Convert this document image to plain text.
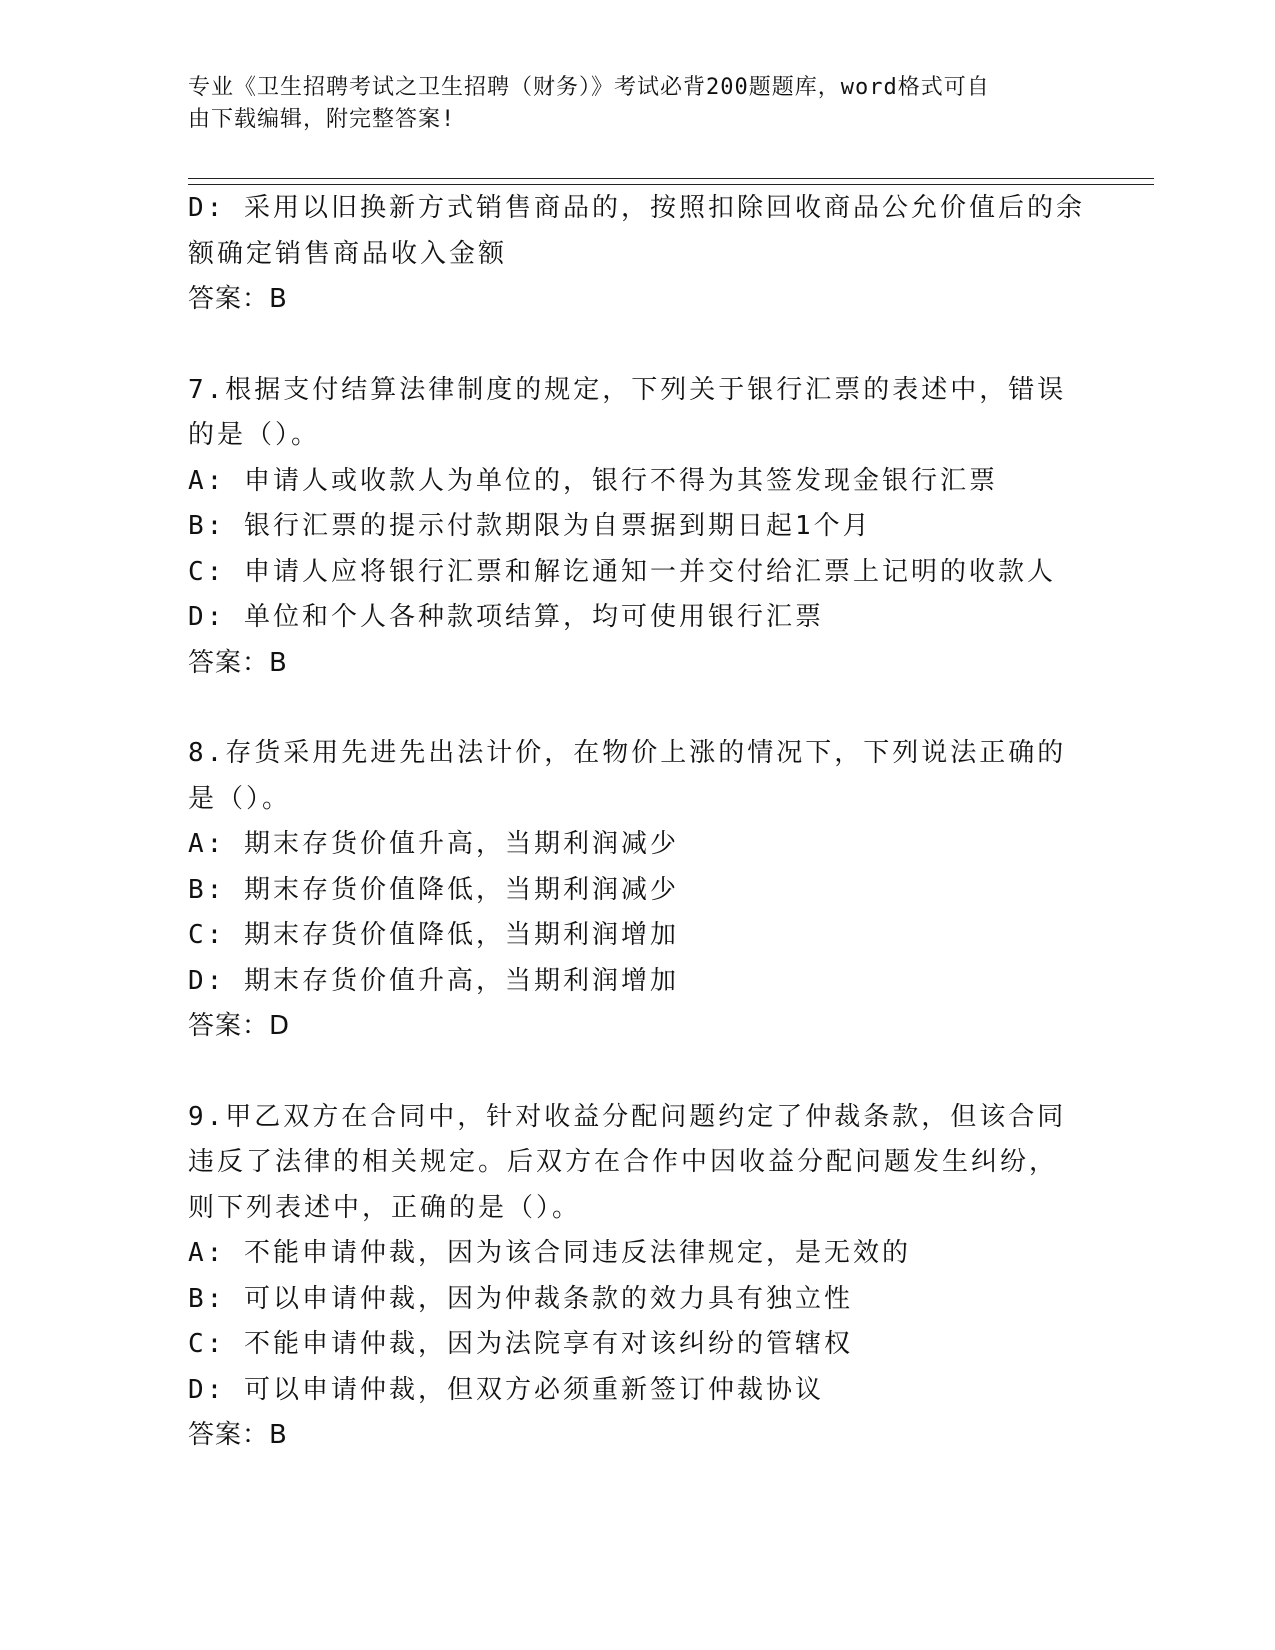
专业《卫生招聘考试之卫生招聘（财务）》考试必背200题题库，word格式可自
由下载编辑，附完整答案!
D: 采用以旧换新方式销售商品的，按照扣除回收商品公允价值后的余
额确定销售商品收入金额
答案：B
7.根据支付结算法律制度的规定，下列关于银行汇票的表述中，错误
的是（）。
A: 申请人或收款人为单位的，银行不得为其签发现金银行汇票
B: 银行汇票的提示付款期限为自票据到期日起1个月
C: 申请人应将银行汇票和解讫通知一并交付给汇票上记明的收款人
D: 单位和个人各种款项结算，均可使用银行汇票
答案：B
8.存货采用先进先出法计价，在物价上涨的情况下，下列说法正确的
是（）。
A: 期末存货价值升高，当期利润减少
B: 期末存货价值降低，当期利润减少
C: 期末存货价值降低，当期利润增加
D: 期末存货价值升高，当期利润增加
答案：D
9.甲乙双方在合同中，针对收益分配问题约定了仲裁条款，但该合同
违反了法律的相关规定。后双方在合作中因收益分配问题发生纠纷，
则下列表述中，正确的是（）。
A: 不能申请仲裁，因为该合同违反法律规定，是无效的
B: 可以申请仲裁，因为仲裁条款的效力具有独立性
C: 不能申请仲裁，因为法院享有对该纠纷的管辖权
D: 可以申请仲裁，但双方必须重新签订仲裁协议
答案：B
